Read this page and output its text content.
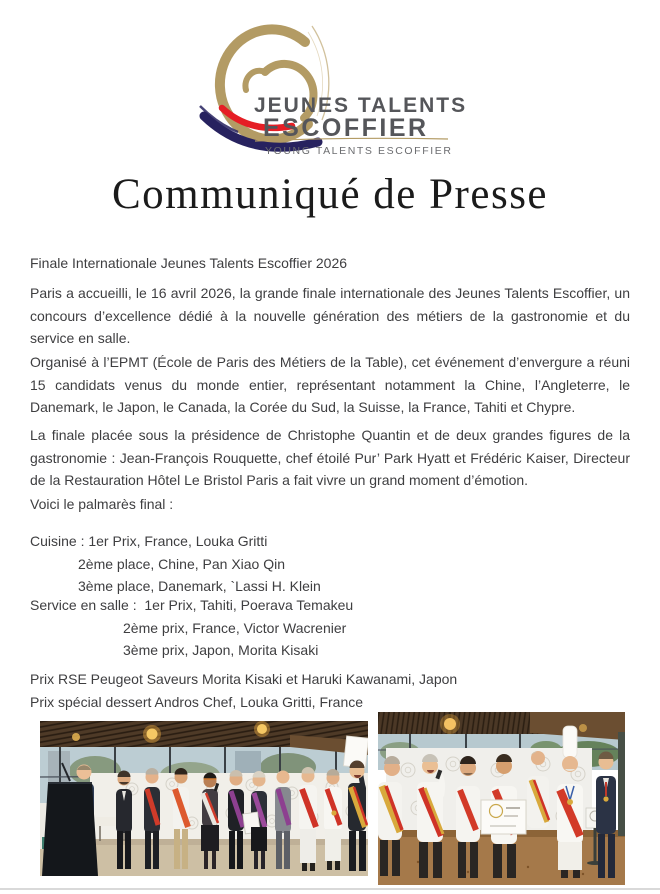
JEUNES TALENTS
ESCOFFIER
YOUNG TALENTS ESCOFFIER
Communiqué de Presse

Finale Internationale Jeunes Talents Escoffier 2026

Paris a accueilli, le 16 avril 2026, la grande finale internationale des Jeunes Talents Escoffier, un concours d’excellence dédié à la nouvelle génération des métiers de la gastronomie et du service en salle.

Organisé à l’EPMT (École de Paris des Métiers de la Table), cet événement d’envergure a réuni 15 candidats venus du monde entier, représentant notamment la Chine, l’Angleterre, le Danemark, le Japon, le Canada, la Corée du Sud, la Suisse, la France, Tahiti et Chypre.

La finale placée sous la présidence de Christophe Quantin et de deux grandes figures de la gastronomie : Jean-François Rouquette, chef étoilé Pur’ Park Hyatt et Frédéric Kaiser, Directeur de la Restauration Hôtel Le Bristol Paris a fait vivre un grand moment d’émotion.

Voici le palmarès final :

Cuisine : 1er Prix, France, Louka Gritti
2ème place, Chine, Pan Xiao Qin
3ème place, Danemark, `Lassi H. Klein
Service en salle :  1er Prix, Tahiti, Poerava Temakeu
2ème prix, France, Victor Wacrenier
3ème prix, Japon, Morita Kisaki
Prix RSE Peugeot Saveurs Morita Kisaki et Haruki Kawanami, Japon
Prix spécial dessert Andros Chef, Louka Gritti, France
